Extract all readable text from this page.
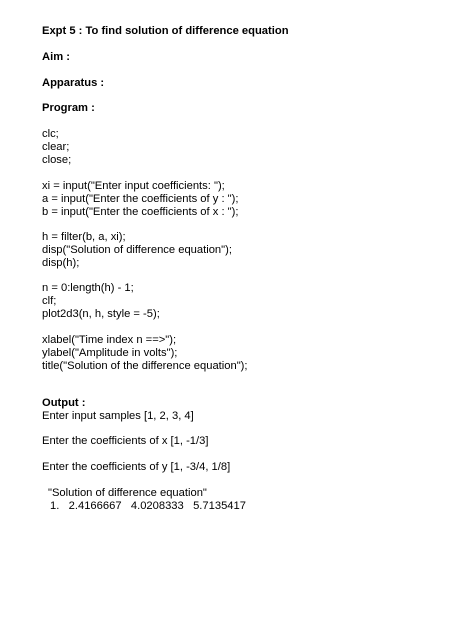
Expt 5 : To find solution of difference equation
Aim :
Apparatus :
Program :
clc;
clear;
close;
xi = input("Enter input coefficients: ");
a = input("Enter the coefficients of y : ");
b = input("Enter the coefficients of x : ");
h = filter(b, a, xi);
disp("Solution of difference equation");
disp(h);
n = 0:length(h) - 1;
clf;
plot2d3(n, h, style = -5);
xlabel("Time index n ==>");
ylabel("Amplitude in volts");
title("Solution of the difference equation");
Output :
Enter input samples [1, 2, 3, 4]
Enter the coefficients of x [1, -1/3]
Enter the coefficients of y [1, -3/4, 1/8]
"Solution of difference equation"
1.   2.4166667   4.0208333   5.7135417
